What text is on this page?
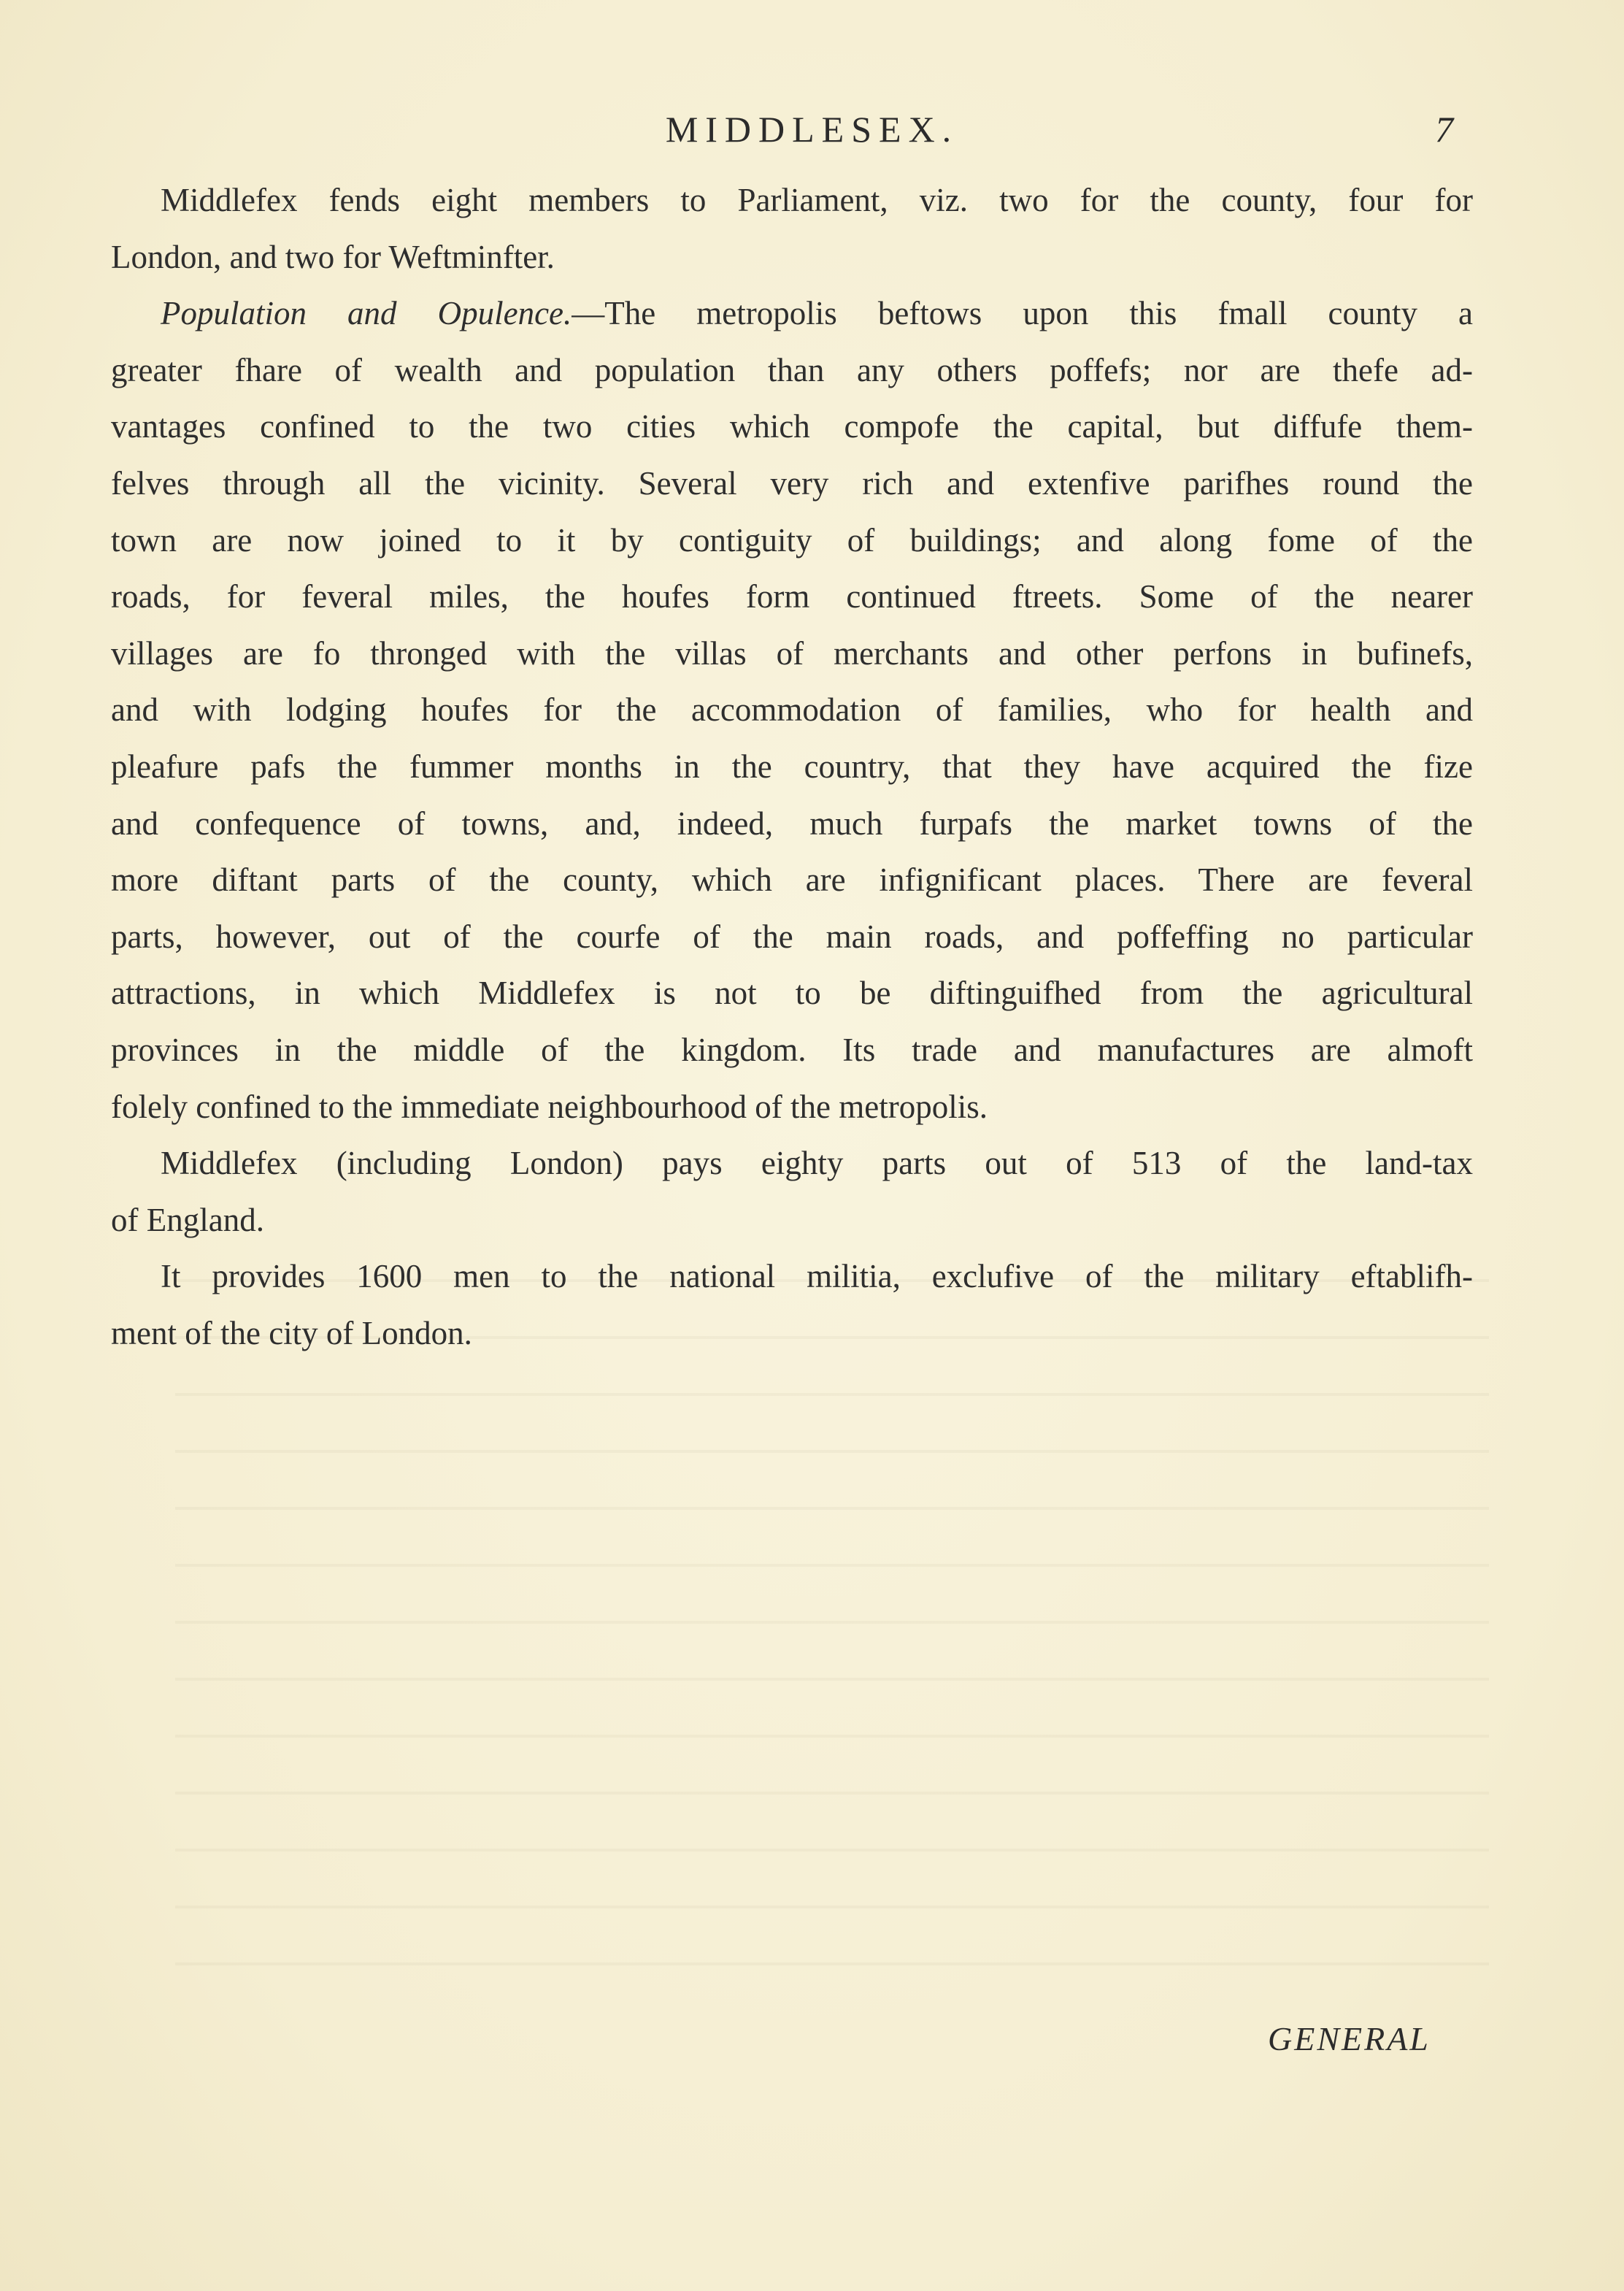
MIDDLESEX.	7
Middlefex fends eight members to Parliament, viz. two for the county, four for
London, and two for Weftminfter.
Population and Opulence.—The metropolis beftows upon this fmall county a
greater fhare of wealth and population than any others poffefs; nor are thefe ad-
vantages confined to the two cities which compofe the capital, but diffufe them-
felves through all the vicinity. Several very rich and extenfive parifhes round the
town are now joined to it by contiguity of buildings; and along fome of the
roads, for feveral miles, the houfes form continued ftreets. Some of the nearer
villages are fo thronged with the villas of merchants and other perfons in bufinefs,
and with lodging houfes for the accommodation of families, who for health and
pleafure pafs the fummer months in the country, that they have acquired the fize
and confequence of towns, and, indeed, much furpafs the market towns of the
more diftant parts of the county, which are infignificant places. There are feveral
parts, however, out of the courfe of the main roads, and poffeffing no particular
attractions, in which Middlefex is not to be diftinguifhed from the agricultural
provinces in the middle of the kingdom. Its trade and manufactures are almoft
folely confined to the immediate neighbourhood of the metropolis.
Middlefex (including London) pays eighty parts out of 513 of the land-tax
of England.
It provides 1600 men to the national militia, exclufive of the military eftablifh-
ment of the city of London.
GENERAL
